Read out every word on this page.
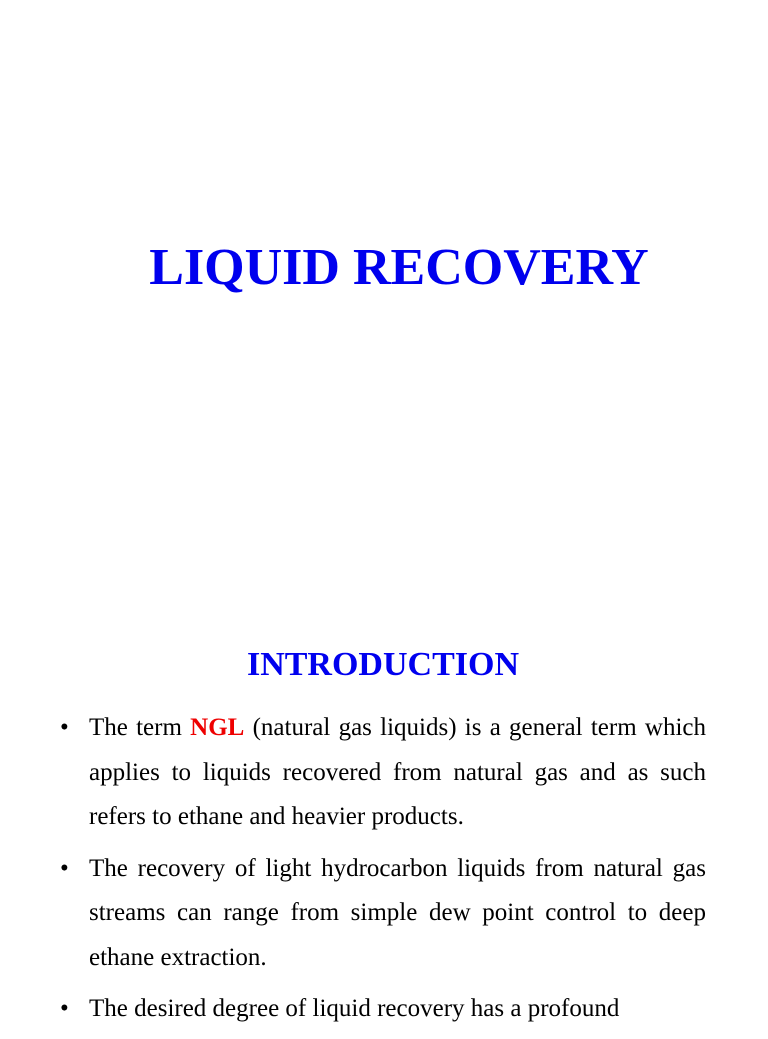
LIQUID RECOVERY
INTRODUCTION
• The term NGL (natural gas liquids) is a general term which applies to liquids recovered from natural gas and as such refers to ethane and heavier products.
• The recovery of light hydrocarbon liquids from natural gas streams can range from simple dew point control to deep ethane extraction.
• The desired degree of liquid recovery has a profound
